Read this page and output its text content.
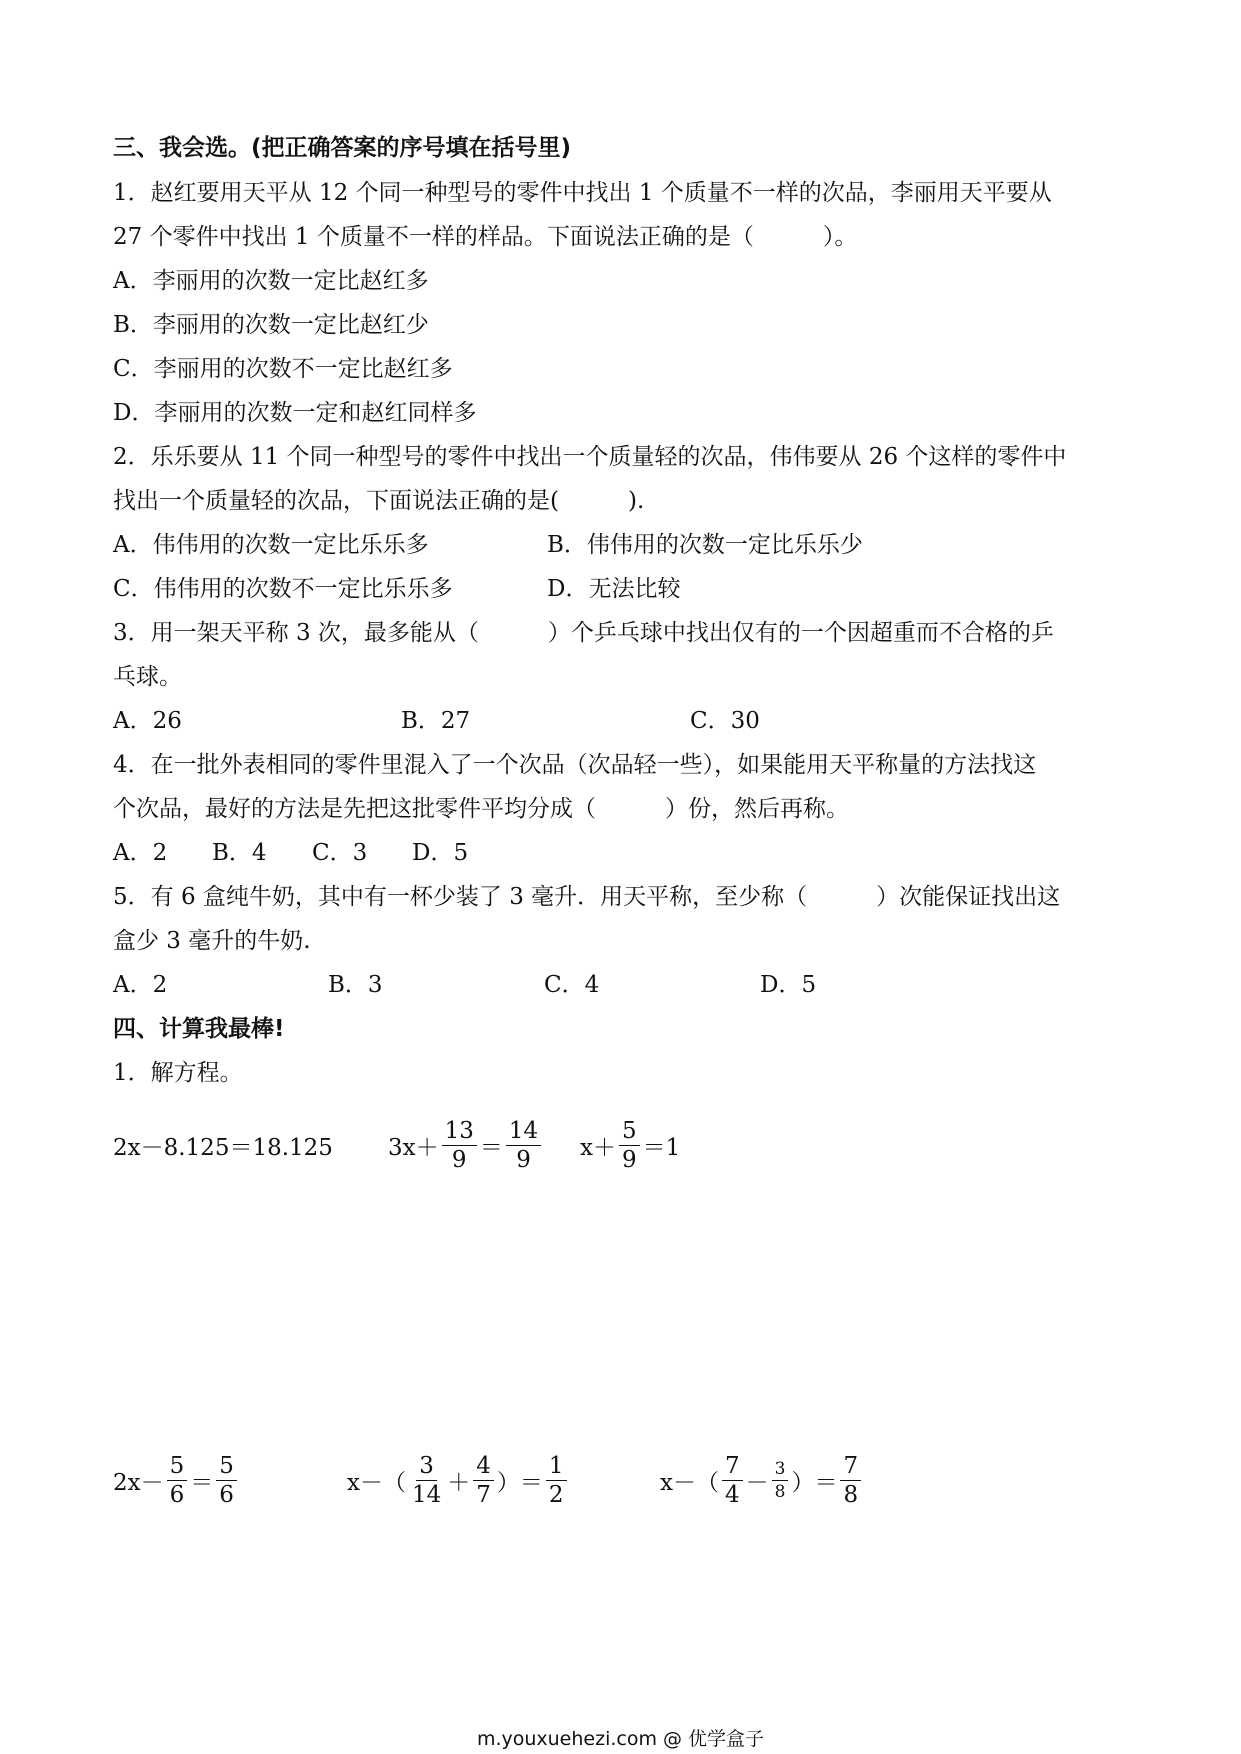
三、我会选。(把正确答案的序号填在括号里)
1．赵红要用天平从 12 个同一种型号的零件中找出 1 个质量不一样的次品，李丽用天平要从
27 个零件中找出 1 个质量不一样的样品。下面说法正确的是（　　　）。
A．李丽用的次数一定比赵红多
B．李丽用的次数一定比赵红少
C．李丽用的次数不一定比赵红多
D．李丽用的次数一定和赵红同样多
2．乐乐要从 11 个同一种型号的零件中找出一个质量轻的次品，伟伟要从 26 个这样的零件中
找出一个质量轻的次品，下面说法正确的是(　　　).
A．伟伟用的次数一定比乐乐多	B．伟伟用的次数一定比乐乐少
C．伟伟用的次数不一定比乐乐多	D．无法比较
3．用一架天平称 3 次，最多能从（　　　）个乒乓球中找出仅有的一个因超重而不合格的乒
乓球。
A．26	B．27	C．30
4．在一批外表相同的零件里混入了一个次品（次品轻一些），如果能用天平称量的方法找这
个次品，最好的方法是先把这批零件平均分成（　　　）份，然后再称。
A．2 B．4 C．3 D．5
5．有 6 盒纯牛奶，其中有一杯少装了 3 毫升．用天平称，至少称（　　　）次能保证找出这
盒少 3 毫升的牛奶.
A．2	B．3	C．4	D．5
四、计算我最棒!
1．解方程。
2x－8.125＝18.125 $3x+ \frac{13}{9} = \frac{14}{9} x+ \frac{5}{9} =1$
$2x- \frac{5}{6} = \frac{5}{6}$	$x-( \frac{3}{14} + \frac{4}{7}$ ）＝ $\frac{1}{2}$	$x-( \frac{7}{4} - \frac{3}{8}$ ）＝ $\frac{7}{8}$
m.youxuehezi.com @ 优学盒子
